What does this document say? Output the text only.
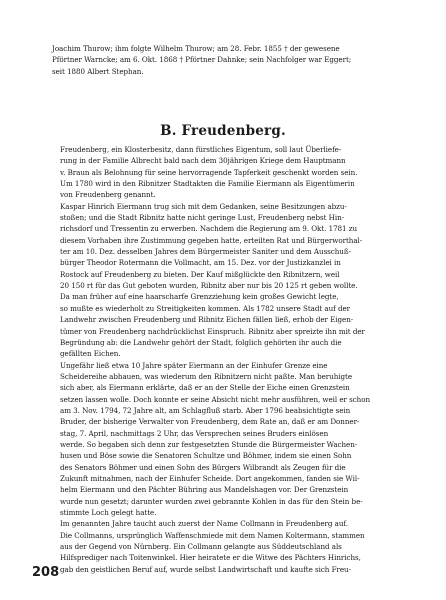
Joachim Thurow; ihm folgte Wilhelm Thurow; am 28. Febr. 1855 † der gewesene
Pförtner Warncke; am 6. Okt. 1868 † Pförtner Dahnke; sein Nachfolger war Eggert;
seit 1880 Albert Stephan.

B. Freudenberg.

Freudenberg, ein Klosterbesitz, dann fürstliches Eigentum, soll laut Überliefe-
rung in der Familie Albrecht bald nach dem 30jährigen Kriege dem Hauptmann
v. Braun als Belohnung für seine hervorragende Tapferkeit geschenkt worden sein.
Um 1780 wird in den Ribnitzer Stadtakten die Familie Eiermann als Eigentümerin
von Freudenberg genannt.

Kaspar Hinrich Eiermann trug sich mit dem Gedanken, seine Besitzungen abzu-
stoßen; und die Stadt Ribnitz hatte nicht geringe Lust, Freudenberg nebst Hin-
richsdorf und Tressentin zu erwerben. Nachdem die Regierung am 9. Okt. 1781 zu
diesem Vorhaben ihre Zustimmung gegeben hatte, erteilten Rat und Bürgerworthal-
ter am 10. Dez. desselben Jahres dem Bürgermeister Saniter und dem Ausschuß-
bürger Theodor Rotermann die Vollmacht, am 15. Dez. vor der Justizkanzlei in
Rostock auf Freudenberg zu bieten. Der Kauf mißglückte den Ribnitzern, weil
20 150 rt für das Gut geboten wurden, Ribnitz aber nur bis 20 125 rt geben wollte.

Da man früher auf eine haarscharfe Grenzziehung kein großes Gewicht legte,
so mußte es wiederholt zu Streitigkeiten kommen. Als 1782 unsere Stadt auf der
Landwehr zwischen Freudenberg und Ribnitz Eichen fällen ließ, erhob der Eigen-
tümer von Freudenberg nachdrücklichst Einspruch. Ribnitz aber spreizte ihn mit der
Begründung ab: die Landwehr gehört der Stadt, folglich gehörten ihr auch die
gefällten Eichen.

Ungefähr ließ etwa 10 Jahre später Eiermann an der Einhufer Grenze eine
Scheidereihe abhauen, was wiederum den Ribnitzern nicht paßte. Man beruhigte
sich aber, als Eiermann erklärte, daß er an der Stelle der Eiche einen Grenzstein
setzen lassen wolle. Doch konnte er seine Absicht nicht mehr ausführen, weil er schon
am 3. Nov. 1794, 72 Jahre alt, am Schlagfluß starb. Aber 1796 beabsichtigte sein
Bruder, der bisherige Verwalter von Freudenberg, dem Rate an, daß er am Donner-
stag, 7. April, nachmittags 2 Uhr, das Versprechen seines Bruders einlösen
werde. So begaben sich denn zur festgesetzten Stunde die Bürgermeister Wachen-
husen und Böse sowie die Senatoren Schultze und Böhmer, indem sie einen Sohn
des Senators Böhmer und einen Sohn des Bürgers Wilbrandt als Zeugen für die
Zukunft mitnahmen, nach der Einhufer Scheide. Dort angekommen, fanden sie Wil-
helm Eiermann und den Pächter Bühring aus Mandelshagen vor. Der Grenzstein
wurde nun gesetzt; darunter wurden zwei gebrannte Kohlen in das für den Stein be-
stimmte Loch gelegt hatte.

Im genannten Jahre taucht auch zuerst der Name Collmann in Freudenberg auf.
Die Collmanns, ursprünglich Waffenschmiede mit dem Namen Koltermann, stammen
aus der Gegend von Nürnberg. Ein Collmann gelangte aus Süddeutschland als
Hilfsprediger nach Toitenwinkel. Hier heiratete er die Witwe des Pächters Hinrichs,
gab den geistlichen Beruf auf, wurde selbst Landwirtschaft und kaufte sich Freu-

208
